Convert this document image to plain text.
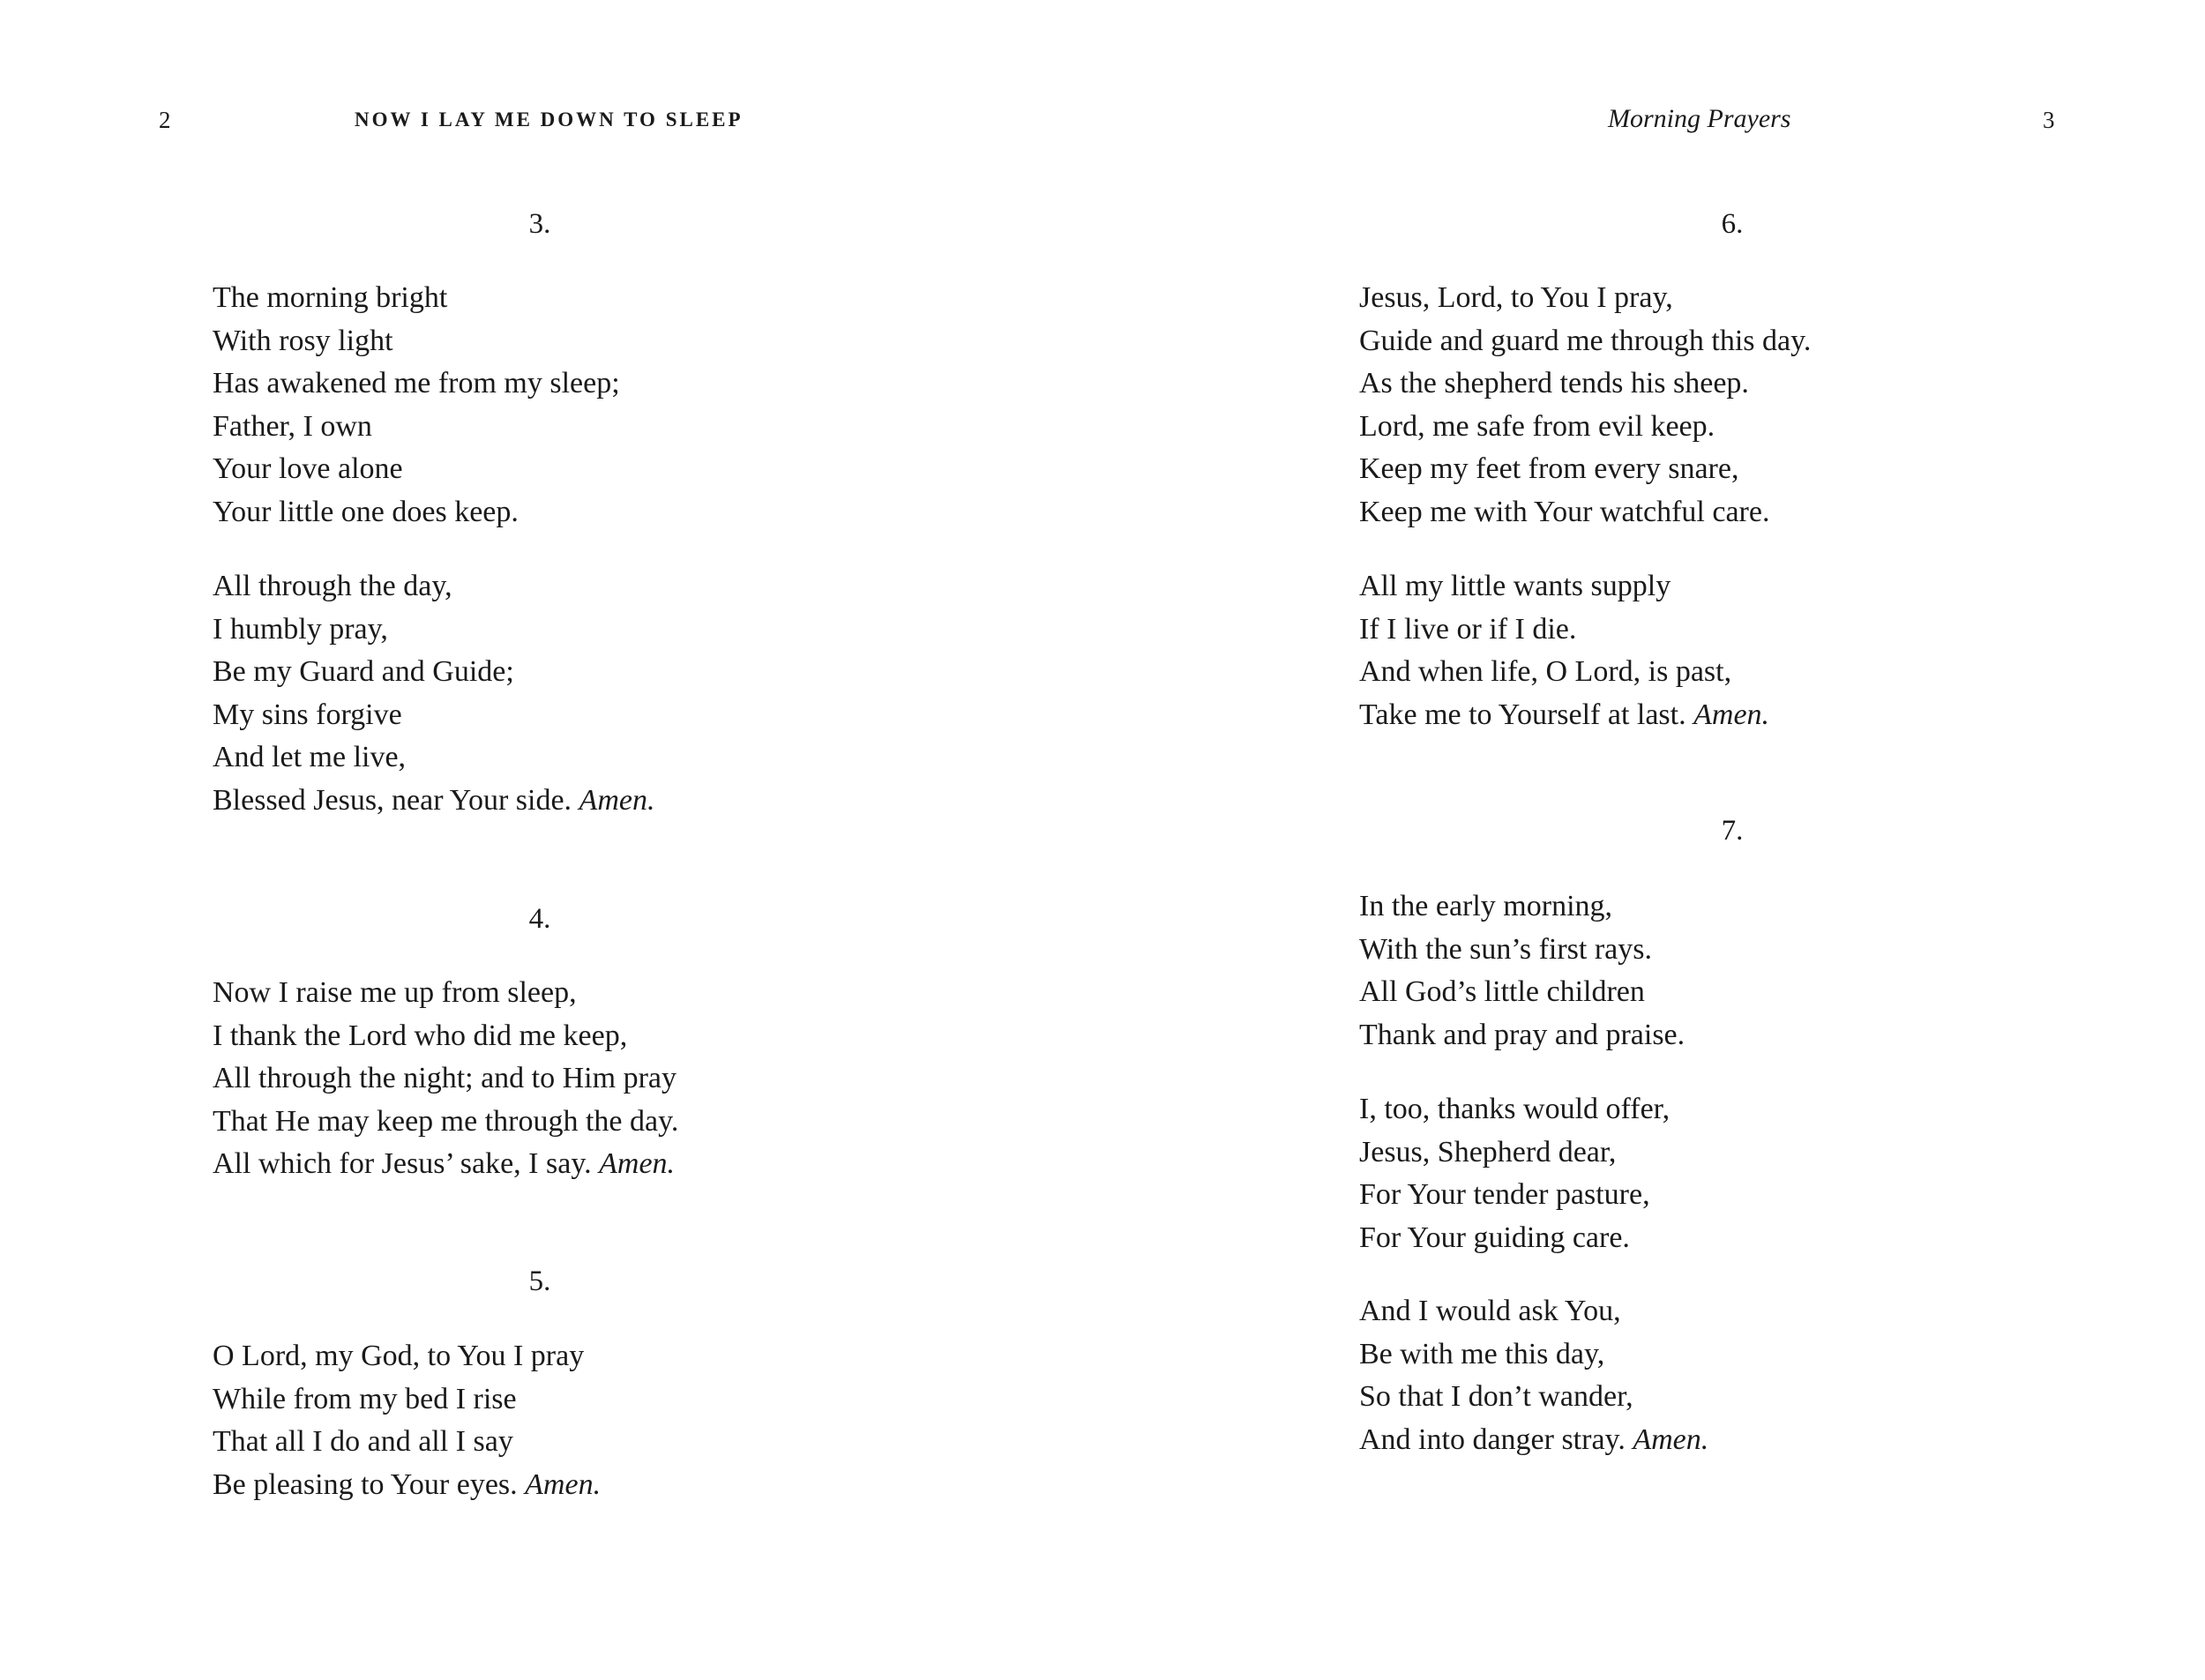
2	NOW I LAY ME DOWN TO SLEEP
3.

The morning bright
With rosy light
Has awakened me from my sleep;
Father, I own
Your love alone
Your little one does keep.

All through the day,
I humbly pray,
Be my Guard and Guide;
My sins forgive
And let me live,
Blessed Jesus, near Your side. Amen.

4.

Now I raise me up from sleep,
I thank the Lord who did me keep,
All through the night; and to Him pray
That He may keep me through the day.
All which for Jesus’ sake, I say. Amen.

5.

O Lord, my God, to You I pray
While from my bed I rise
That all I do and all I say
Be pleasing to Your eyes. Amen.

Morning Prayers	3
6.

Jesus, Lord, to You I pray,
Guide and guard me through this day.
As the shepherd tends his sheep.
Lord, me safe from evil keep.
Keep my feet from every snare,
Keep me with Your watchful care.

All my little wants supply
If I live or if I die.
And when life, O Lord, is past,
Take me to Yourself at last. Amen.

7.

In the early morning,
With the sun’s first rays.
All God’s little children
Thank and pray and praise.

I, too, thanks would offer,
Jesus, Shepherd dear,
For Your tender pasture,
For Your guiding care.

And I would ask You,
Be with me this day,
So that I don’t wander,
And into danger stray. Amen.
